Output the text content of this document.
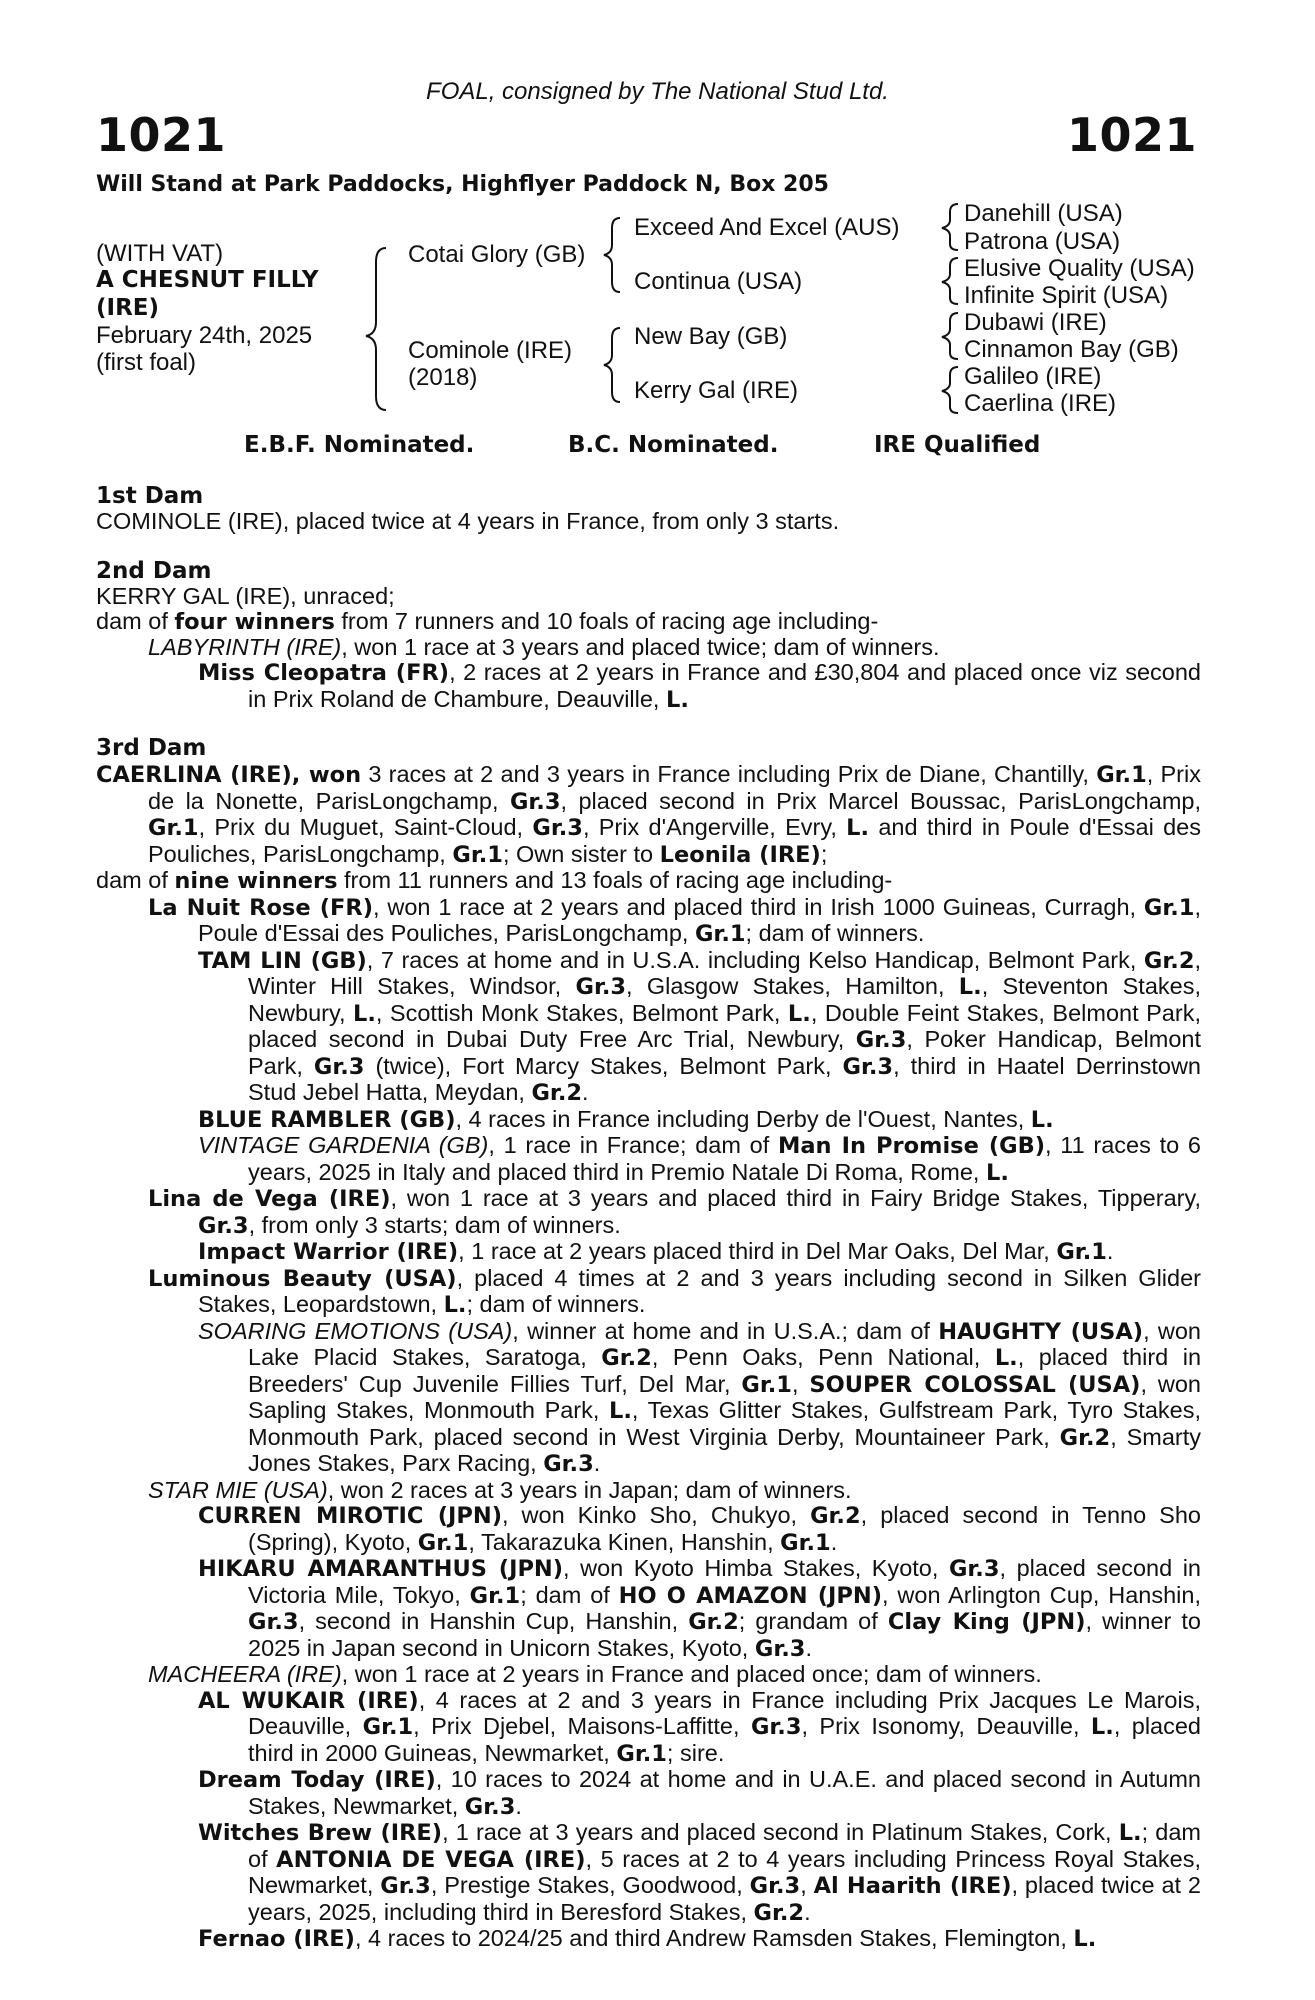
FOAL, consigned by The National Stud Ltd.
1021	1021
Will Stand at Park Paddocks, Highflyer Paddock N, Box 205
(WITH VAT)
A CHESNUT FILLY
(IRE)
February 24th, 2025
(first foal)
Cotai Glory (GB)
Cominole (IRE)
(2018)
Exceed And Excel (AUS)
Continua (USA)
New Bay (GB)
Kerry Gal (IRE)
Danehill (USA)
Patrona (USA)
Elusive Quality (USA)
Infinite Spirit (USA)
Dubawi (IRE)
Cinnamon Bay (GB)
Galileo (IRE)
Caerlina (IRE)
E.B.F. Nominated.	B.C. Nominated.	IRE Qualified
1st Dam
COMINOLE (IRE), placed twice at 4 years in France, from only 3 starts.
2nd Dam
KERRY GAL (IRE), unraced;
dam of four winners from 7 runners and 10 foals of racing age including-
LABYRINTH (IRE), won 1 race at 3 years and placed twice; dam of winners.
Miss Cleopatra (FR), 2 races at 2 years in France and £30,804 and placed once viz second in Prix Roland de Chambure, Deauville, L.
3rd Dam
CAERLINA (IRE), won 3 races at 2 and 3 years in France including Prix de Diane, Chantilly, Gr.1, Prix de la Nonette, ParisLongchamp, Gr.3, placed second in Prix Marcel Boussac, ParisLongchamp, Gr.1, Prix du Muguet, Saint-Cloud, Gr.3, Prix d'Angerville, Evry, L. and third in Poule d'Essai des Pouliches, ParisLongchamp, Gr.1; Own sister to Leonila (IRE);
dam of nine winners from 11 runners and 13 foals of racing age including-
La Nuit Rose (FR), won 1 race at 2 years and placed third in Irish 1000 Guineas, Curragh, Gr.1, Poule d'Essai des Pouliches, ParisLongchamp, Gr.1; dam of winners.
TAM LIN (GB), 7 races at home and in U.S.A. including Kelso Handicap, Belmont Park, Gr.2, Winter Hill Stakes, Windsor, Gr.3, Glasgow Stakes, Hamilton, L., Steventon Stakes, Newbury, L., Scottish Monk Stakes, Belmont Park, L., Double Feint Stakes, Belmont Park, placed second in Dubai Duty Free Arc Trial, Newbury, Gr.3, Poker Handicap, Belmont Park, Gr.3 (twice), Fort Marcy Stakes, Belmont Park, Gr.3, third in Haatel Derrinstown Stud Jebel Hatta, Meydan, Gr.2.
BLUE RAMBLER (GB), 4 races in France including Derby de l'Ouest, Nantes, L.
VINTAGE GARDENIA (GB), 1 race in France; dam of Man In Promise (GB), 11 races to 6 years, 2025 in Italy and placed third in Premio Natale Di Roma, Rome, L.
Lina de Vega (IRE), won 1 race at 3 years and placed third in Fairy Bridge Stakes, Tipperary, Gr.3, from only 3 starts; dam of winners.
Impact Warrior (IRE), 1 race at 2 years placed third in Del Mar Oaks, Del Mar, Gr.1.
Luminous Beauty (USA), placed 4 times at 2 and 3 years including second in Silken Glider Stakes, Leopardstown, L.; dam of winners.
SOARING EMOTIONS (USA), winner at home and in U.S.A.; dam of HAUGHTY (USA), won Lake Placid Stakes, Saratoga, Gr.2, Penn Oaks, Penn National, L., placed third in Breeders' Cup Juvenile Fillies Turf, Del Mar, Gr.1, SOUPER COLOSSAL (USA), won Sapling Stakes, Monmouth Park, L., Texas Glitter Stakes, Gulfstream Park, Tyro Stakes, Monmouth Park, placed second in West Virginia Derby, Mountaineer Park, Gr.2, Smarty Jones Stakes, Parx Racing, Gr.3.
STAR MIE (USA), won 2 races at 3 years in Japan; dam of winners.
CURREN MIROTIC (JPN), won Kinko Sho, Chukyo, Gr.2, placed second in Tenno Sho (Spring), Kyoto, Gr.1, Takarazuka Kinen, Hanshin, Gr.1.
HIKARU AMARANTHUS (JPN), won Kyoto Himba Stakes, Kyoto, Gr.3, placed second in Victoria Mile, Tokyo, Gr.1; dam of HO O AMAZON (JPN), won Arlington Cup, Hanshin, Gr.3, second in Hanshin Cup, Hanshin, Gr.2; grandam of Clay King (JPN), winner to 2025 in Japan second in Unicorn Stakes, Kyoto, Gr.3.
MACHEERA (IRE), won 1 race at 2 years in France and placed once; dam of winners.
AL WUKAIR (IRE), 4 races at 2 and 3 years in France including Prix Jacques Le Marois, Deauville, Gr.1, Prix Djebel, Maisons-Laffitte, Gr.3, Prix Isonomy, Deauville, L., placed third in 2000 Guineas, Newmarket, Gr.1; sire.
Dream Today (IRE), 10 races to 2024 at home and in U.A.E. and placed second in Autumn Stakes, Newmarket, Gr.3.
Witches Brew (IRE), 1 race at 3 years and placed second in Platinum Stakes, Cork, L.; dam of ANTONIA DE VEGA (IRE), 5 races at 2 to 4 years including Princess Royal Stakes, Newmarket, Gr.3, Prestige Stakes, Goodwood, Gr.3, Al Haarith (IRE), placed twice at 2 years, 2025, including third in Beresford Stakes, Gr.2.
Fernao (IRE), 4 races to 2024/25 and third Andrew Ramsden Stakes, Flemington, L.
